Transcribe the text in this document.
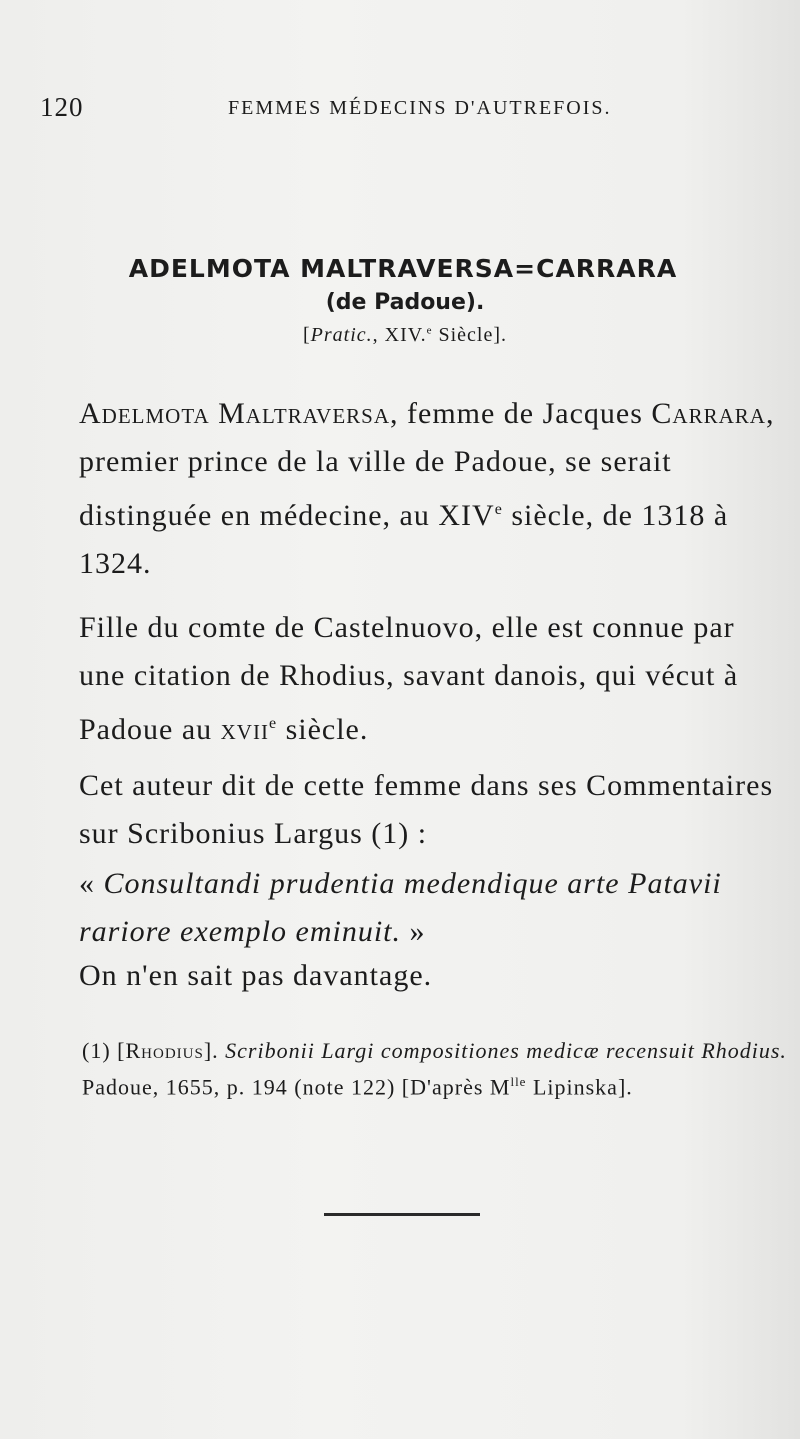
120	FEMMES MÉDECINS D'AUTREFOIS.

ADELMOTA MALTRAVERSA=CARRARA

(de Padoue).

[Pratic., XIV.$^e$ Siècle].

Adelmota Maltraversa, femme de Jacques Carrara, premier prince de la ville de Padoue, se serait distinguée en médecine, au XIVe siècle, de 1318 à 1324.

Fille du comte de Castelnuovo, elle est connue par une citation de Rhodius, savant danois, qui vécut à Padoue au xvii$^e$ siècle.

Cet auteur dit de cette femme dans ses Commentaires sur Scribonius Largus (1) :

« Consultandi prudentia medendique arte Patavii rariore exemplo eminuit. »

On n'en sait pas davantage.

(1) [Rhodius]. Scribonii Largi compositiones medicæ recensuit Rhodius. Padoue, 1655, p. 194 (note 122) [D'après $M^{lle}$ Lipinska].
